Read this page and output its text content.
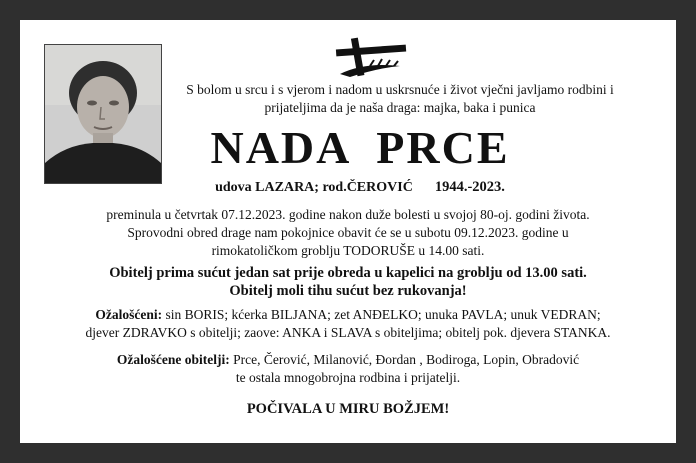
S bolom u srcu i s vjerom i nadom u uskrsnuće i život vječni javljamo rodbini i
prijateljima da je naša draga: majka, baka i punica
NADA PRCE
udova LAZARA; rod.ČEROVIĆ 1944.-2023.
preminula u četvrtak 07.12.2023. godine nakon duže bolesti u svojoj 80-oj. godini života.
Sprovodni obred drage nam pokojnice obavit će se u subotu 09.12.2023. godine u
rimokatoličkom groblju TODORUŠE u 14.00 sati.
Obitelj prima sućut jedan sat prije obreda u kapelici na groblju od 13.00 sati.
Obitelj moli tihu sućut bez rukovanja!
Ožalošćeni: sin BORIS; kćerka BILJANA; zet ANĐELKO; unuka PAVLA; unuk VEDRAN;
djever ZDRAVKO s obitelji; zaove: ANKA i SLAVA s obiteljima; obitelj pok. djevera STANKA.
Ožalošćene obitelji: Prce, Čerović, Milanović, Đordan , Bodiroga, Lopin, Obradović
te ostala mnogobrojna rodbina i prijatelji.
POČIVALA U MIRU BOŽJEM!
